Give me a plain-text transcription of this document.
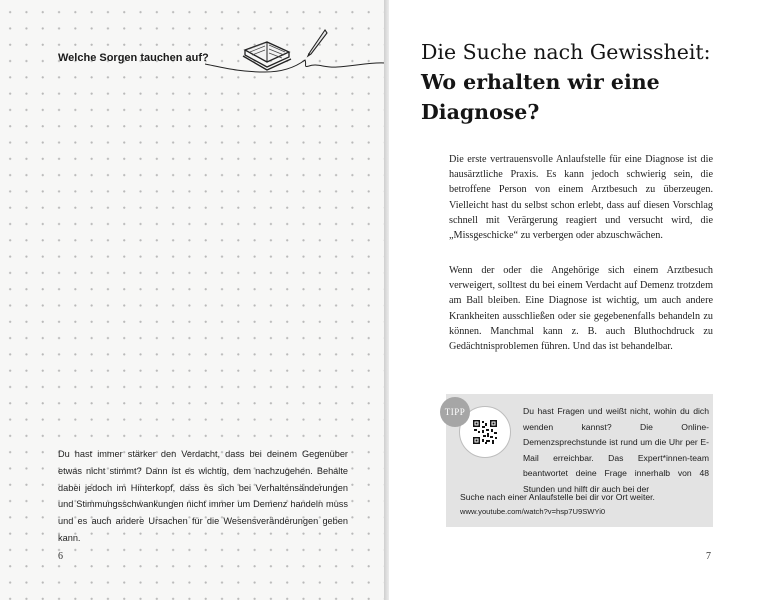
Welche Sorgen tauchen auf?

Du hast immer stärker den Verdacht, dass bei deinem Gegenüber etwas nicht stimmt? Dann ist es wichtig, dem nachzugehen. Behalte dabei jedoch im Hinterkopf, dass es sich bei Verhaltensänderungen und Stimmungsschwankungen nicht immer um Demenz handeln muss und es auch andere Ursachen für die Wesensveränderungen geben kann.

6
Die Suche nach Gewissheit: Wo erhalten wir eine Diagnose?

Die erste vertrauensvolle Anlaufstelle für eine Diagnose ist die hausärztliche Praxis. Es kann jedoch schwierig sein, die betroffene Person von einem Arztbesuch zu überzeugen. Vielleicht hast du selbst schon erlebt, dass auf diesen Vorschlag schnell mit Verärgerung reagiert und versucht wird, die „Missgeschicke“ zu verbergen oder abzuschwächen.

Wenn der oder die Angehörige sich einem Arztbesuch verweigert, solltest du bei einem Verdacht auf Demenz trotzdem am Ball bleiben. Eine Diagnose ist wichtig, um auch andere Krankheiten ausschließen oder sie gegebenenfalls behandeln zu können. Manchmal kann z. B. auch Bluthochdruck zu Gedächtnisproblemen führen. Und das ist behandelbar.

TIPP	Du hast Fragen und weißt nicht, wohin du dich wenden kannst? Die Online-Demenzsprechstunde ist rund um die Uhr per E-Mail erreichbar. Das Expert*innen-team beantwortet deine Frage innerhalb von 48 Stunden und hilft dir auch bei der

Suche nach einer Anlaufstelle bei dir vor Ort weiter.

www.youtube.com/watch?v=hsp7U9SWYi0
7
